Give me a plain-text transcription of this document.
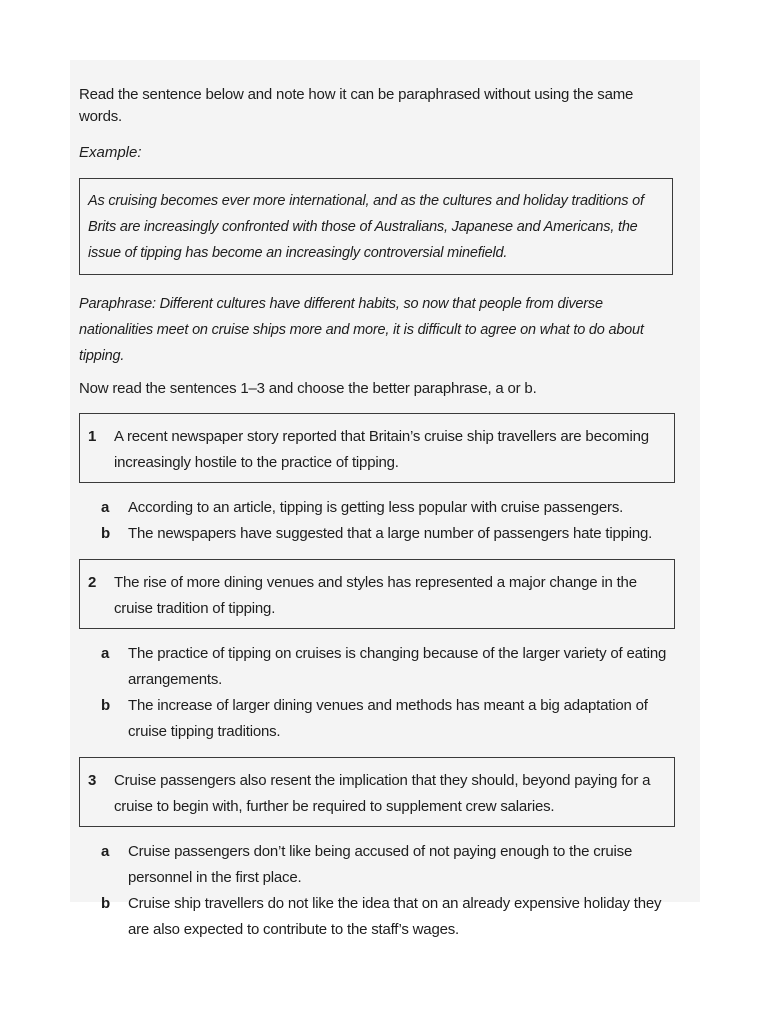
Read the sentence below and note how it can be paraphrased without using the same words.

Example:

As cruising becomes ever more international, and as the cultures and holiday traditions of Brits are increasingly confronted with those of Australians, Japanese and Americans, the issue of tipping has become an increasingly controversial minefield.
Paraphrase: Different cultures have different habits, so now that people from diverse nationalities meet on cruise ships more and more, it is difficult to agree on what to do about tipping.
Now read the sentences 1–3 and choose the better paraphrase, a or b.
1	A recent newspaper story reported that Britain’s cruise ship travellers are becoming increasingly hostile to the practice of tipping.
a	According to an article, tipping is getting less popular with cruise passengers.
b	The newspapers have suggested that a large number of passengers hate tipping.
2	The rise of more dining venues and styles has represented a major change in the cruise tradition of tipping.
a	The practice of tipping on cruises is changing because of the larger variety of eating arrangements.
b	The increase of larger dining venues and methods has meant a big adaptation of cruise tipping traditions.
3	Cruise passengers also resent the implication that they should, beyond paying for a cruise to begin with, further be required to supplement crew salaries.
a	Cruise passengers don’t like being accused of not paying enough to the cruise personnel in the first place.
b	Cruise ship travellers do not like the idea that on an already expensive holiday they are also expected to contribute to the staff’s wages.
